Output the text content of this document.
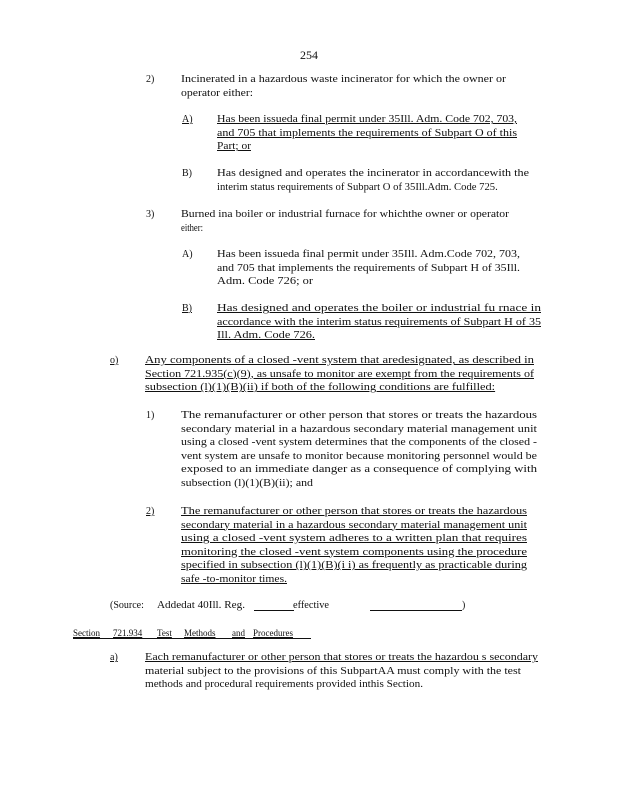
254
2)	Incinerated in a hazardous waste incinerator for which the owner or
operator either:
A) Has been issueda final permit under 35Ill. Adm. Code 702, 703,
and 705 that implements the requirements of Subpart O of this
Part; or
B)	Has designed and operates the incinerator in accordancewith the
interim status requirements of Subpart O of 35Ill.Adm. Code 725.
3)	Burned ina boiler or industrial furnace for whichthe owner or operator
either:
A) Has been issueda final permit under 35Ill. Adm.Code 702, 703,
and 705 that implements the requirements of Subpart H of 35Ill.
Adm. Code 726; or
B)	Has designed and operates the boiler or industrial fu rnace in
accordance with the interim status requirements of Subpart H of 35
Ill. Adm. Code 726.
o)	Any components of a closed -vent system that aredesignated, as described in
Section 721.935(c)(9), as unsafe to monitor are exempt from the requirements of
subsection (l)(1)(B)(ii) if both of the following conditions are fulfilled:
1)	The remanufacturer or other person that stores or treats the hazardous
secondary material in a hazardous secondary material management unit
using a closed -vent system determines that the components of the closed -
vent system are unsafe to monitor because monitoring personnel would be
exposed to an immediate danger as a consequence of complying with
subsection (l)(1)(B)(ii); and
2)	The remanufacturer or other person that stores or treats the hazardous
secondary material in a hazardous secondary material management unit
using a closed -vent system adheres to a written plan that requires
monitoring the closed -vent system components using the procedure
specified in subsection (l)(1)(B)(i i) as frequently as practicable during
safe -to-monitor times.
(Source: Addedat 40Ill. Reg.	effective	)
Section 721.934 Test Methods and Procedures
a)	Each remanufacturer or other person that stores or treats the hazardou s secondary
material subject to the provisions of this SubpartAA must comply with the test
methods and procedural requirements provided inthis Section.
